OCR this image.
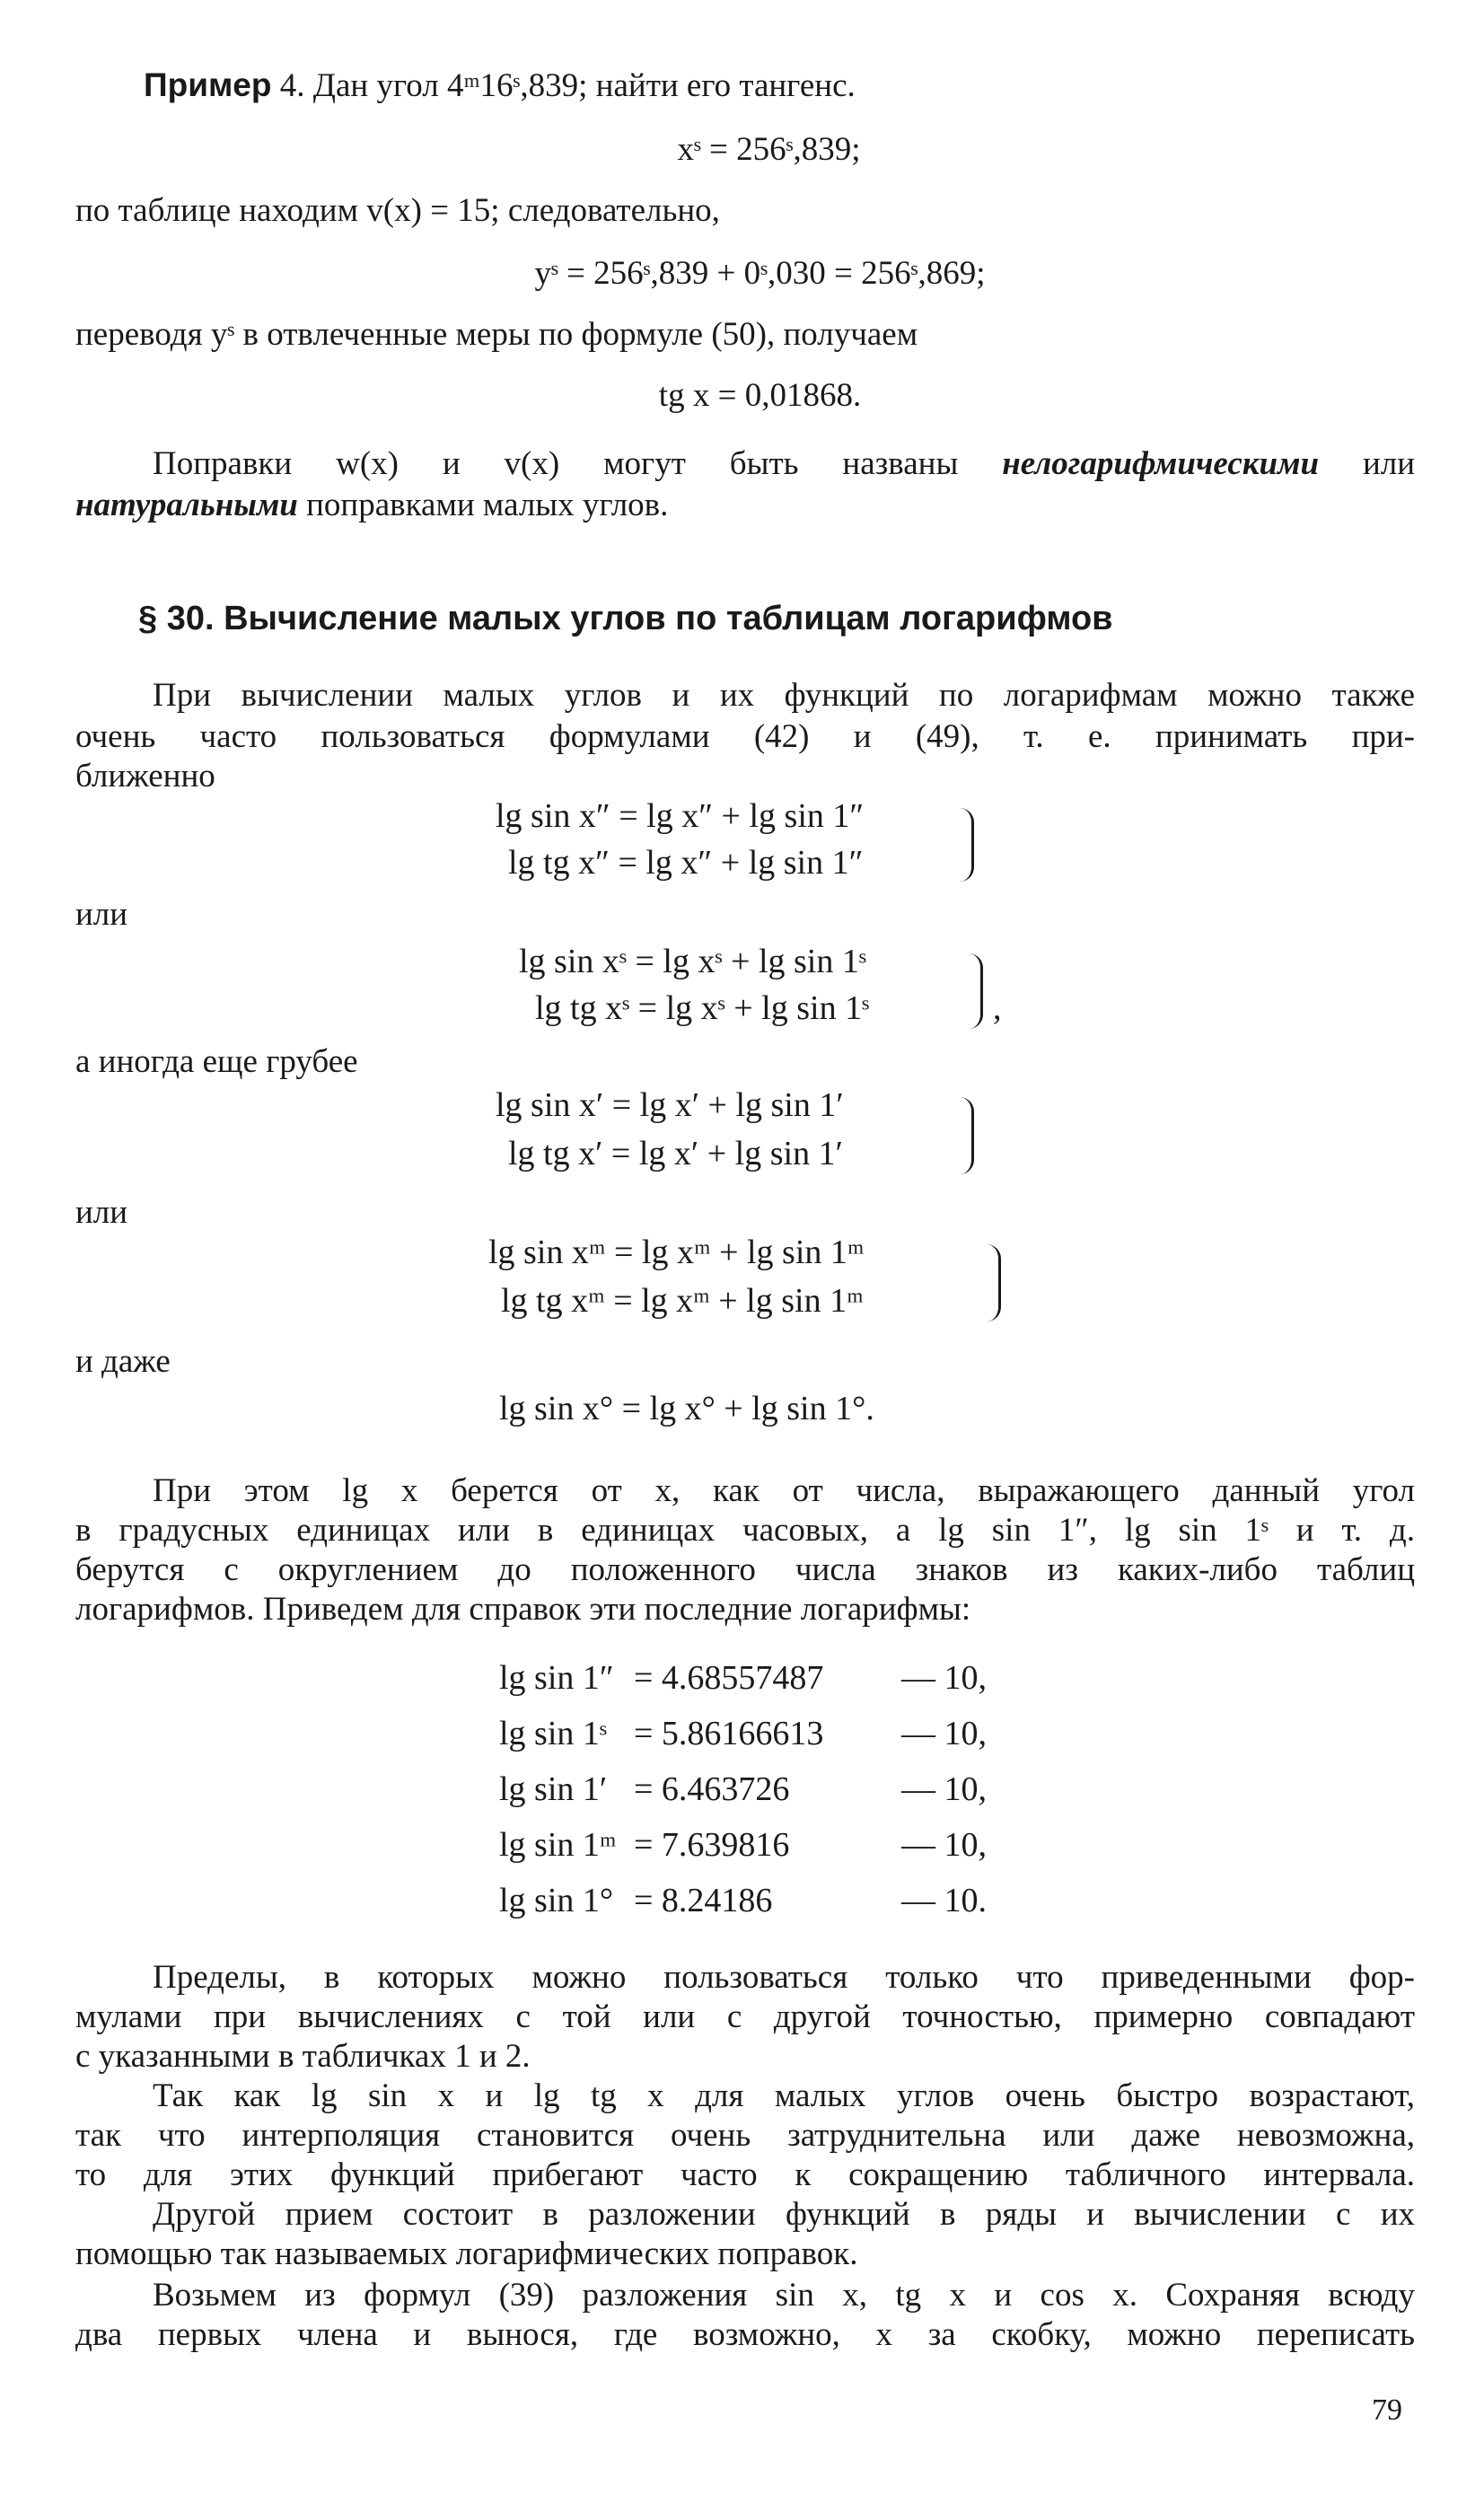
Пример 4. Дан угол 4ᵐ16ˢ,839; найти его тангенс.
xˢ = 256ˢ,839;
по таблице находим v(x) = 15; следовательно,
yˢ = 256ˢ,839 + 0ˢ,030 = 256ˢ,869;
переводя yˢ в отвлеченные меры по формуле (50), получаем
tg x = 0,01868.
Поправки w(x) и v(x) могут быть названы нелогарифмическими или
натуральными поправками малых углов.
§ 30. Вычисление малых углов по таблицам логарифмов
При вычислении малых углов и их функций по логарифмам можно также
очень часто пользоваться формулами (42) и (49), т. е. принимать при-
ближенно
lg sin x″ = lg x″ + lg sin 1″
lg tg x″ = lg x″ + lg sin 1″
или
lg sin xˢ = lg xˢ + lg sin 1ˢ
lg tg xˢ = lg xˢ + lg sin 1ˢ	,
а иногда еще грубее
lg sin x′ = lg x′ + lg sin 1′
lg tg x′ = lg x′ + lg sin 1′
или
lg sin xᵐ = lg xᵐ + lg sin 1ᵐ
lg tg xᵐ = lg xᵐ + lg sin 1ᵐ
и даже
lg sin x° = lg x° + lg sin 1°.
При этом lg x берется от x, как от числа, выражающего данный угол
в градусных единицах или в единицах часовых, а lg sin 1″, lg sin 1ˢ и т. д.
берутся с округлением до положенного числа знаков из каких-либо таблиц
логарифмов. Приведем для справок эти последние логарифмы:
lg sin 1″ = 4.68557487 — 10,
lg sin 1ˢ = 5.86166613 — 10,
lg sin 1′ = 6.463726	— 10,
lg sin 1ᵐ = 7.639816	— 10,
lg sin 1° = 8.24186	— 10.
Пределы, в которых можно пользоваться только что приведенными фор-
мулами при вычислениях с той или с другой точностью, примерно совпадают
с указанными в табличках 1 и 2.
Так как lg sin x и lg tg x для малых углов очень быстро возрастают,
так что интерполяция становится очень затруднительна или даже невозможна,
то для этих функций прибегают часто к сокращению табличного интервала.
Другой прием состоит в разложении функций в ряды и вычислении с их
помощью так называемых логарифмических поправок.
Возьмем из формул (39) разложения sin x, tg x и cos x. Сохраняя всюду
два первых члена и вынося, где возможно, x за скобку, можно переписать
79
